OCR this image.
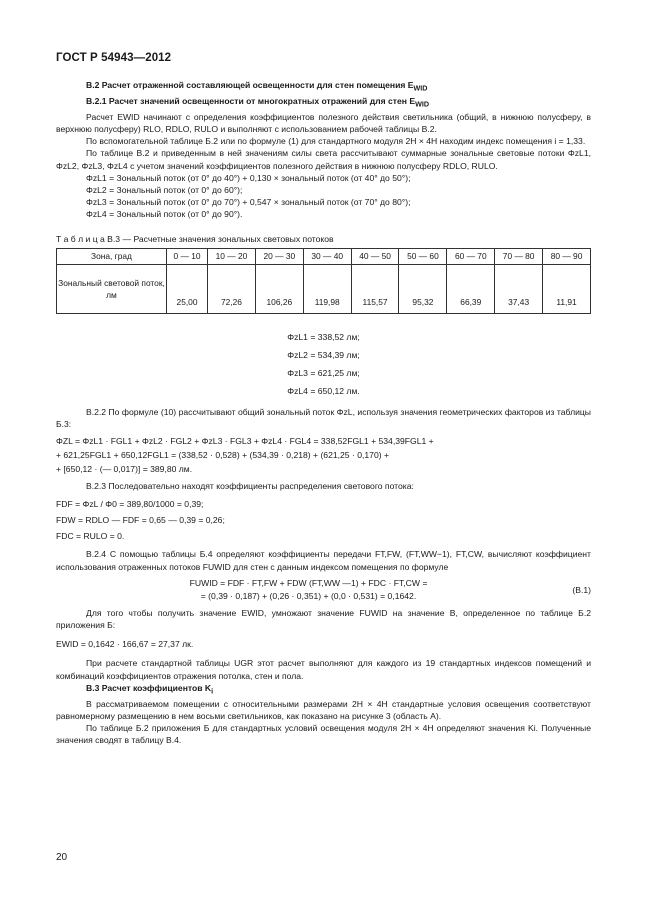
ГОСТ Р 54943—2012

В.2 Расчет отраженной составляющей освещенности для стен помещения $E_{WID}$

В.2.1 Расчет значений освещенности от многократных отражений для стен $E_{WID}$

Расчет EWID начинают с определения коэффициентов полезного действия светильника (общий, в нижнюю полусферу, в верхнюю полусферу) RLO, RDLO, RULO и выполняют с использованием рабочей таблицы В.2.

По вспомогательной таблице Б.2 или по формуле (1) для стандартного модуля 2H × 4H находим индекс помещения i = 1,33.

По таблице В.2 и приведенным в ней значениям силы света рассчитывают суммарные зональные световые потоки ΦzL1, ΦzL2, ΦzL3, ΦzL4 с учетом значений коэффициентов полезного действия в нижнюю полусферу RDLO, RULO.

ΦzL1 = Зональный поток (от 0° до 40°) + 0,130 × зональный поток (от 40° до 50°);

ΦzL2 = Зональный поток (от 0° до 60°);

ΦzL3 = Зональный поток (от 0° до 70°) + 0,547 × зональный поток (от 70° до 80°);

ΦzL4 = Зональный поток (от 0° до 90°).

Т а б л и ц а В.3 — Расчетные значения зональных световых потоков

Зона, град	0 — 10	10 — 20	20 — 30	30 — 40	40 — 50	50 — 60	60 — 70	70 — 80	80 — 90
Зональный световой поток, лм	25,00	72,26	106,26	119,98	115,57	95,32	66,39	37,43	11,91

ΦzL1 = 338,52 лм;

ΦzL2 = 534,39 лм;

ΦzL3 = 621,25 лм;

ΦzL4 = 650,12 лм.

В.2.2 По формуле (10) рассчитывают общий зональный поток ΦzL, используя значения геометрических факторов из таблицы Б.3:

ΦZL = ΦzL1 · FGL1 + ΦzL2 · FGL2 + ΦzL3 · FGL3 + ΦzL4 · FGL4 = 338,52FGL1 + 534,39FGL1 +
+ 621,25FGL1 + 650,12FGL1 = (338,52 · 0,528) + (534,39 · 0,218) + (621,25 · 0,170) +
+ [650,12 · (— 0,017)] = 389,80 лм.

В.2.3 Последовательно находят коэффициенты распределения светового потока:

FDF = ΦzL / Φ0 = 389,80/1000 = 0,39;
FDW = RDLO — FDF = 0,65 — 0,39 = 0,26;
FDC = RULO = 0.

В.2.4 С помощью таблицы Б.4 определяют коэффициенты передачи FT,FW, (FT,WW−1), FT,CW, вычисляют коэффициент использования отраженных потоков FUWID для стен с данным индексом помещения по формуле

FUWID = FDF · FT,FW + FDW (FT,WW —1) + FDC · FT,CW =
= (0,39 · 0,187) + (0,26 · 0,351) + (0,0 · 0,531) = 0,1642.
(В.1)

Для того чтобы получить значение EWID, умножают значение FUWID на значение B, определенное по таблице Б.2 приложения Б:

EWID = 0,1642 · 166,67 = 27,37 лк.

При расчете стандартной таблицы UGR этот расчет выполняют для каждого из 19 стандартных индексов помещений и комбинаций коэффициентов отражения потолка, стен и пола.

В.3 Расчет коэффициентов $K_i$

В рассматриваемом помещении с относительными размерами 2H × 4H стандартные условия освещения соответствуют равномерному размещению в нем восьми светильников, как показано на рисунке 3 (область А).

По таблице Б.2 приложения Б для стандартных условий освещения модуля 2H × 4H определяют значения Ki. Полученные значения сводят в таблицу В.4.

20
